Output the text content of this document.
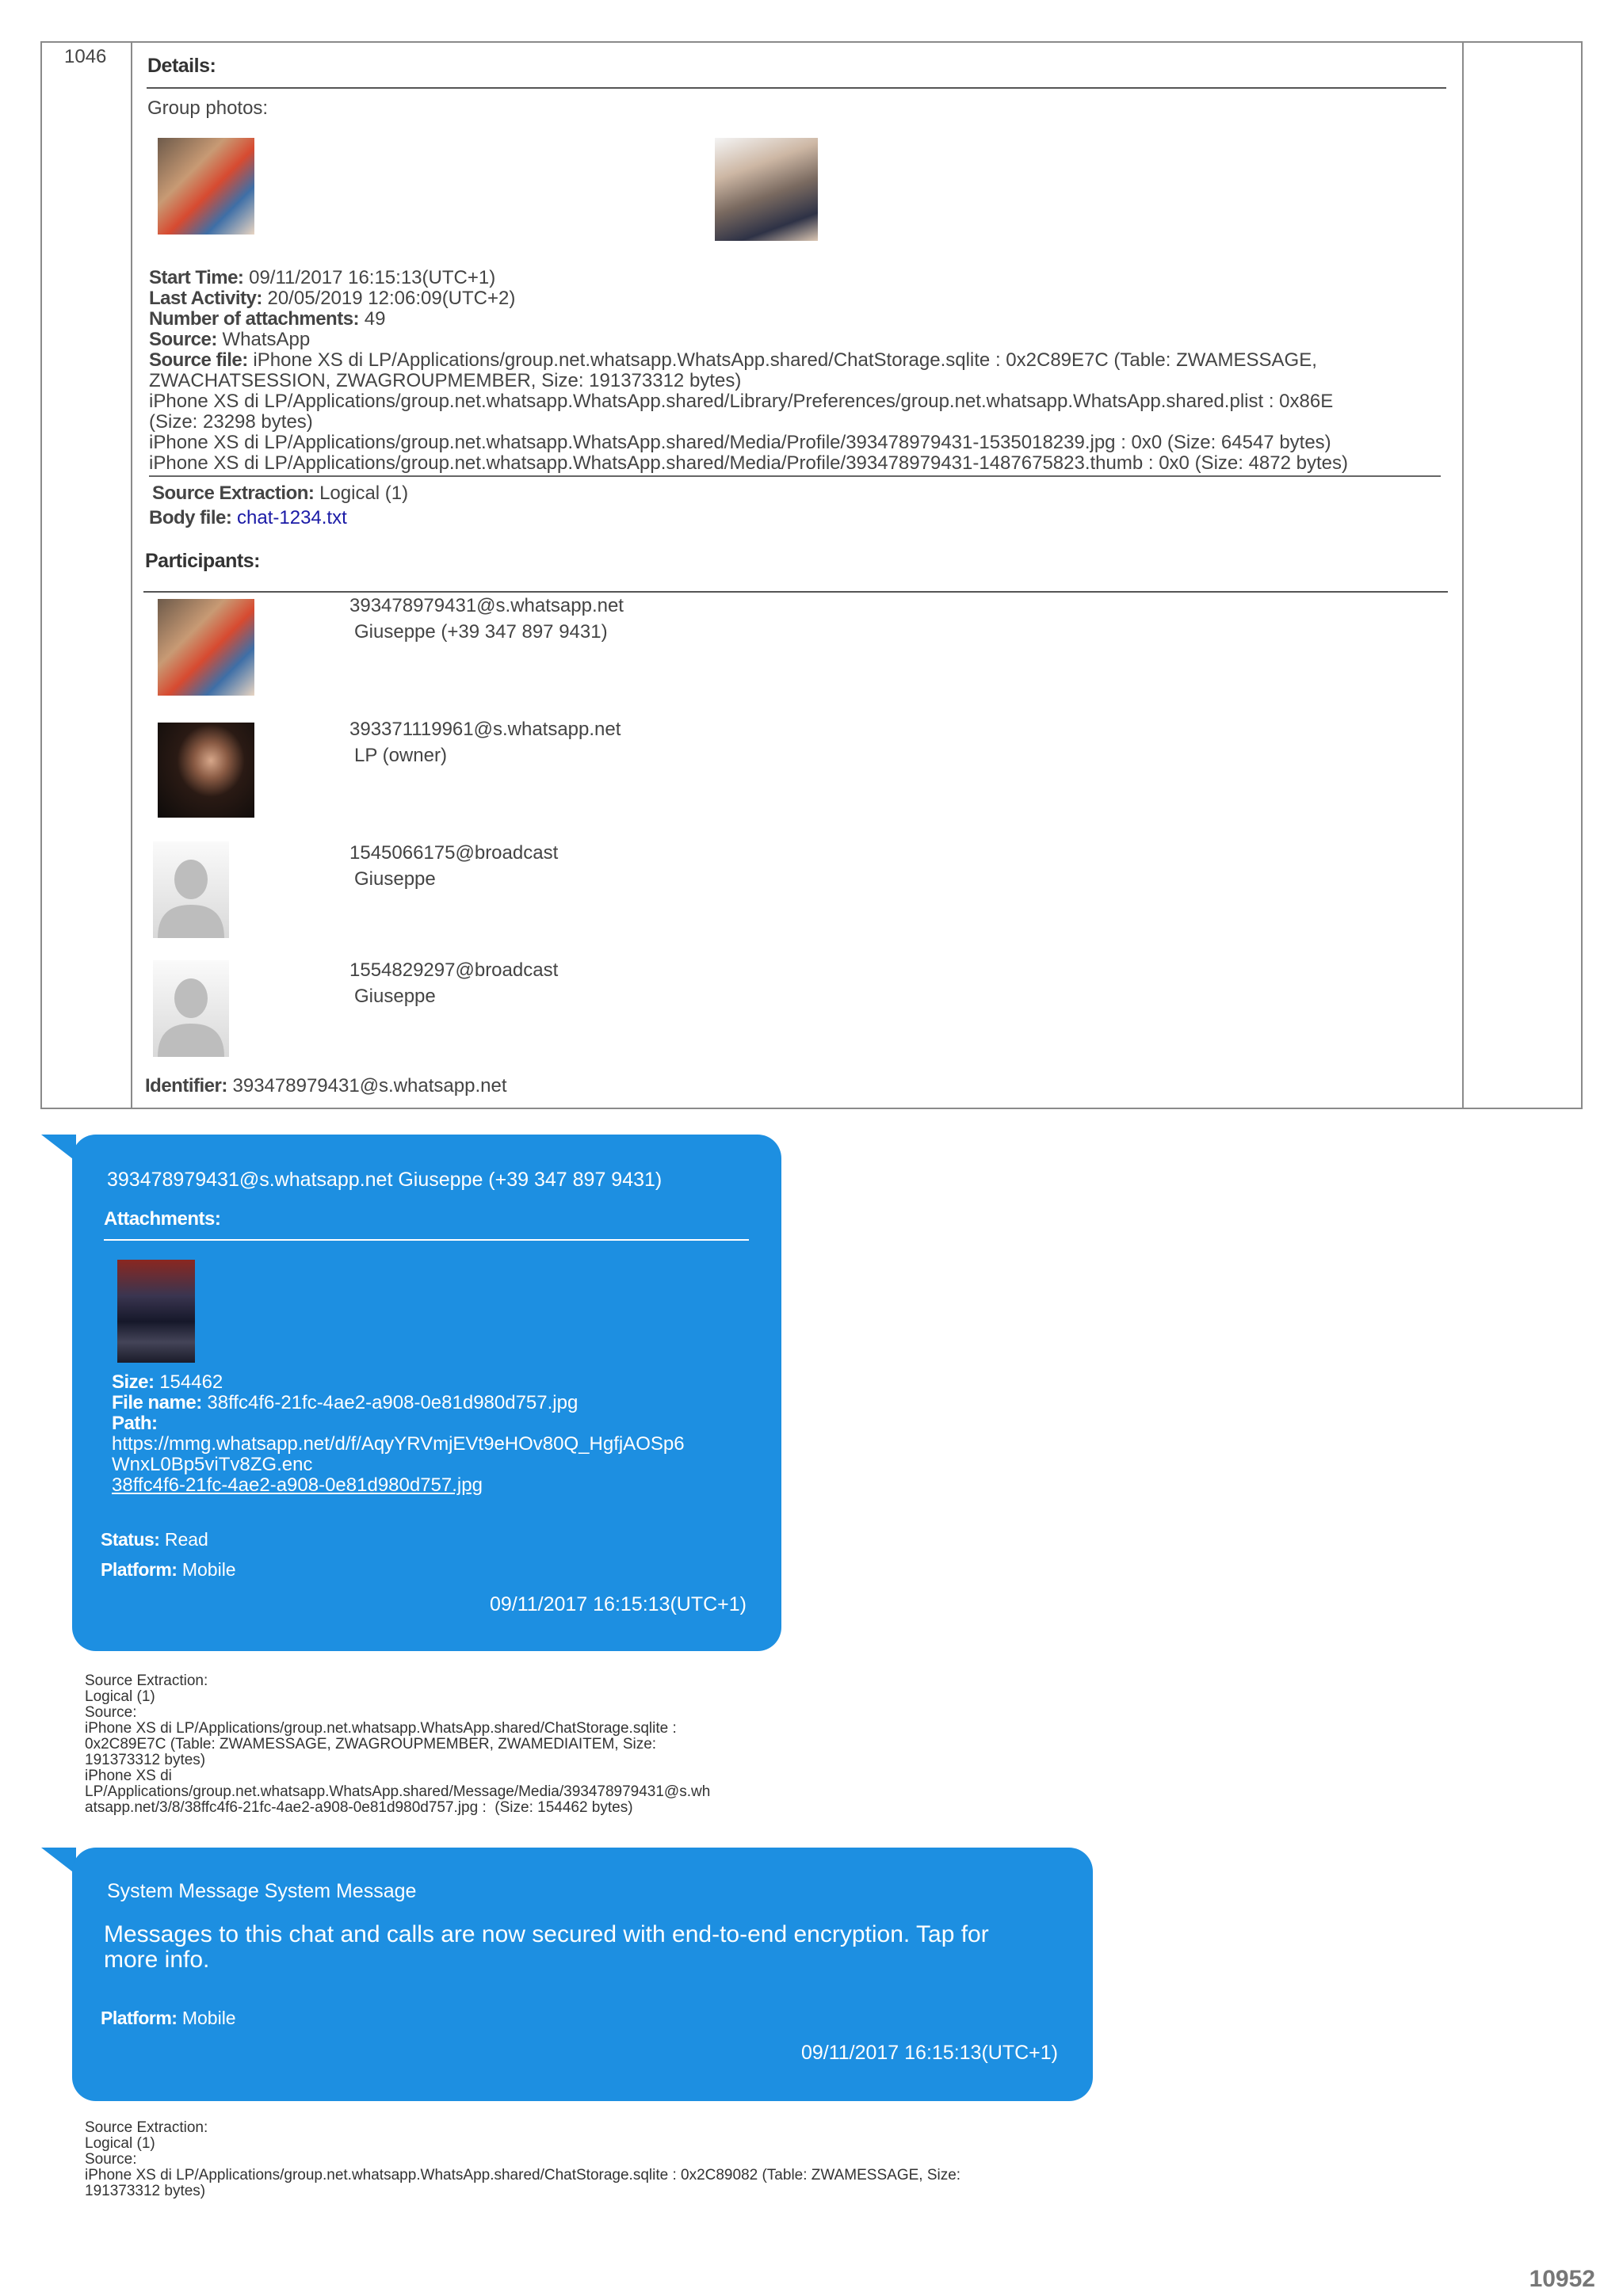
1046 Details:
Group photos:
Start Time: 09/11/2017 16:15:13(UTC+1)
Last Activity: 20/05/2019 12:06:09(UTC+2)
Number of attachments: 49
Source: WhatsApp
Source file: iPhone XS di LP/Applications/group.net.whatsapp.WhatsApp.shared/ChatStorage.sqlite : 0x2C89E7C (Table: ZWAMESSAGE,
ZWACHATSESSION, ZWAGROUPMEMBER, Size: 191373312 bytes)
iPhone XS di LP/Applications/group.net.whatsapp.WhatsApp.shared/Library/Preferences/group.net.whatsapp.WhatsApp.shared.plist : 0x86E
(Size: 23298 bytes)
iPhone XS di LP/Applications/group.net.whatsapp.WhatsApp.shared/Media/Profile/393478979431-1535018239.jpg : 0x0 (Size: 64547 bytes)
iPhone XS di LP/Applications/group.net.whatsapp.WhatsApp.shared/Media/Profile/393478979431-1487675823.thumb : 0x0 (Size: 4872 bytes)
Source Extraction: Logical (1)
Body file: chat-1234.txt
Participants:
393478979431@s.whatsapp.net
Giuseppe (+39 347 897 9431)
393371119961@s.whatsapp.net
LP (owner)
1545066175@broadcast
Giuseppe
1554829297@broadcast
Giuseppe
Identifier: 393478979431@s.whatsapp.net
393478979431@s.whatsapp.net Giuseppe (+39 347 897 9431)
Attachments:
Size: 154462
File name: 38ffc4f6-21fc-4ae2-a908-0e81d980d757.jpg
Path:
https://mmg.whatsapp.net/d/f/AqyYRVmjEVt9eHOv80Q_HgfjAOSp6
WnxL0Bp5viTv8ZG.enc
38ffc4f6-21fc-4ae2-a908-0e81d980d757.jpg
Status: Read
Platform: Mobile
09/11/2017 16:15:13(UTC+1)
Source Extraction:
Logical (1)
Source:
iPhone XS di LP/Applications/group.net.whatsapp.WhatsApp.shared/ChatStorage.sqlite :
0x2C89E7C (Table: ZWAMESSAGE, ZWAGROUPMEMBER, ZWAMEDIAITEM, Size:
191373312 bytes)
iPhone XS di
LP/Applications/group.net.whatsapp.WhatsApp.shared/Message/Media/393478979431@s.wh
atsapp.net/3/8/38ffc4f6-21fc-4ae2-a908-0e81d980d757.jpg :  (Size: 154462 bytes)
System Message System Message
Messages to this chat and calls are now secured with end-to-end encryption. Tap for
more info.
Platform: Mobile
09/11/2017 16:15:13(UTC+1)
Source Extraction:
Logical (1)
Source:
iPhone XS di LP/Applications/group.net.whatsapp.WhatsApp.shared/ChatStorage.sqlite : 0x2C89082 (Table: ZWAMESSAGE, Size:
191373312 bytes)
10952
